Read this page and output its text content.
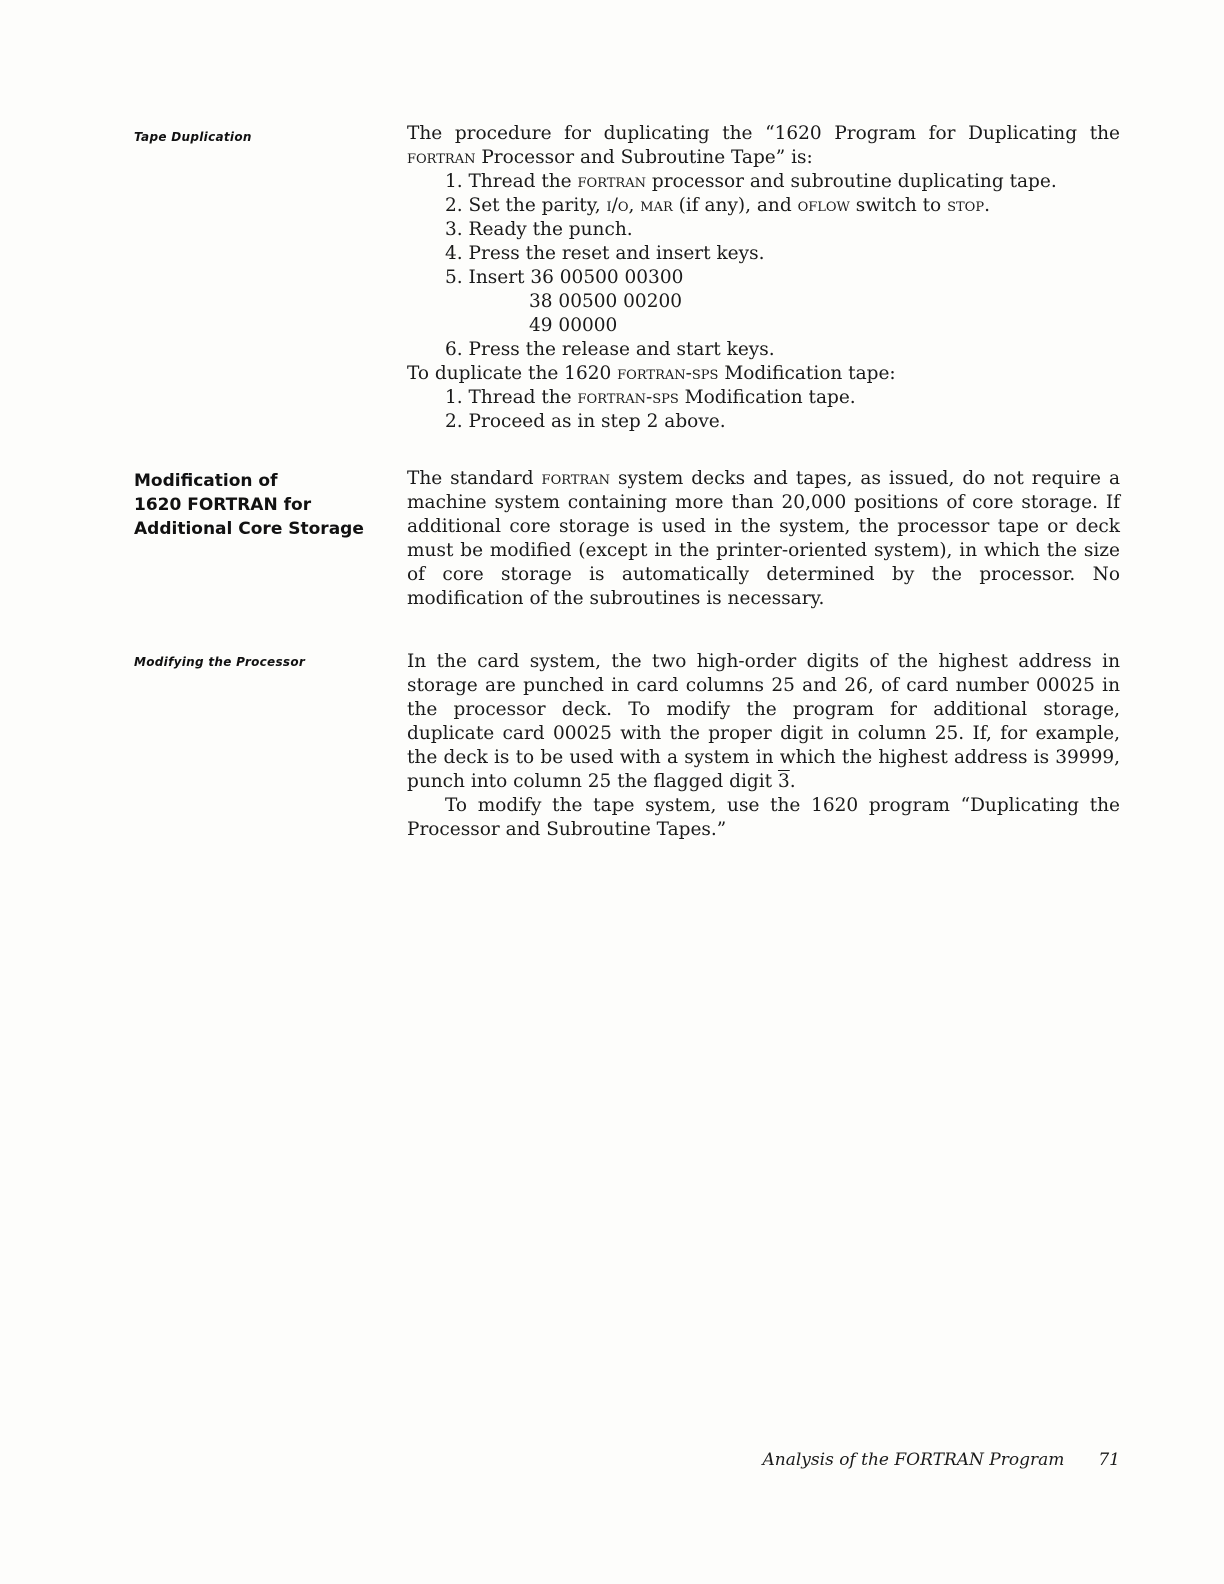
Tape Duplication	The procedure for duplicating the “1620 Program for Duplicating the fortran Processor and Subroutine Tape” is:

1. Thread the fortran processor and subroutine duplicating tape.
2. Set the parity, i/o, mar (if any), and oflow switch to stop.
3. Ready the punch.
4. Press the reset and insert keys.
5. Insert 36 00500 00300
38 00500 00200
49 00000
6. Press the release and start keys.

To duplicate the 1620 fortran-sps Modification tape:

1. Thread the fortran-sps Modification tape.
2. Proceed as in step 2 above.
Modification of
1620 FORTRAN for
Additional Core Storage

The standard fortran system decks and tapes, as issued, do not require a machine system containing more than 20,000 positions of core storage. If additional core storage is used in the system, the processor tape or deck must be modified (except in the printer-oriented system), in which the size of core storage is automatically determined by the processor. No modification of the subroutines is necessary.

Modifying the Processor	In the card system, the two high-order digits of the highest address in storage are punched in card columns 25 and 26, of card number 00025 in the processor deck. To modify the program for additional storage, duplicate card 00025 with the proper digit in column 25. If, for example, the deck is to be used with a system in which the highest address is 39999, punch into column 25 the flagged digit 3.

To modify the tape system, use the 1620 program “Duplicating the Processor and Subroutine Tapes.”

Analysis of the FORTRAN Program 71
